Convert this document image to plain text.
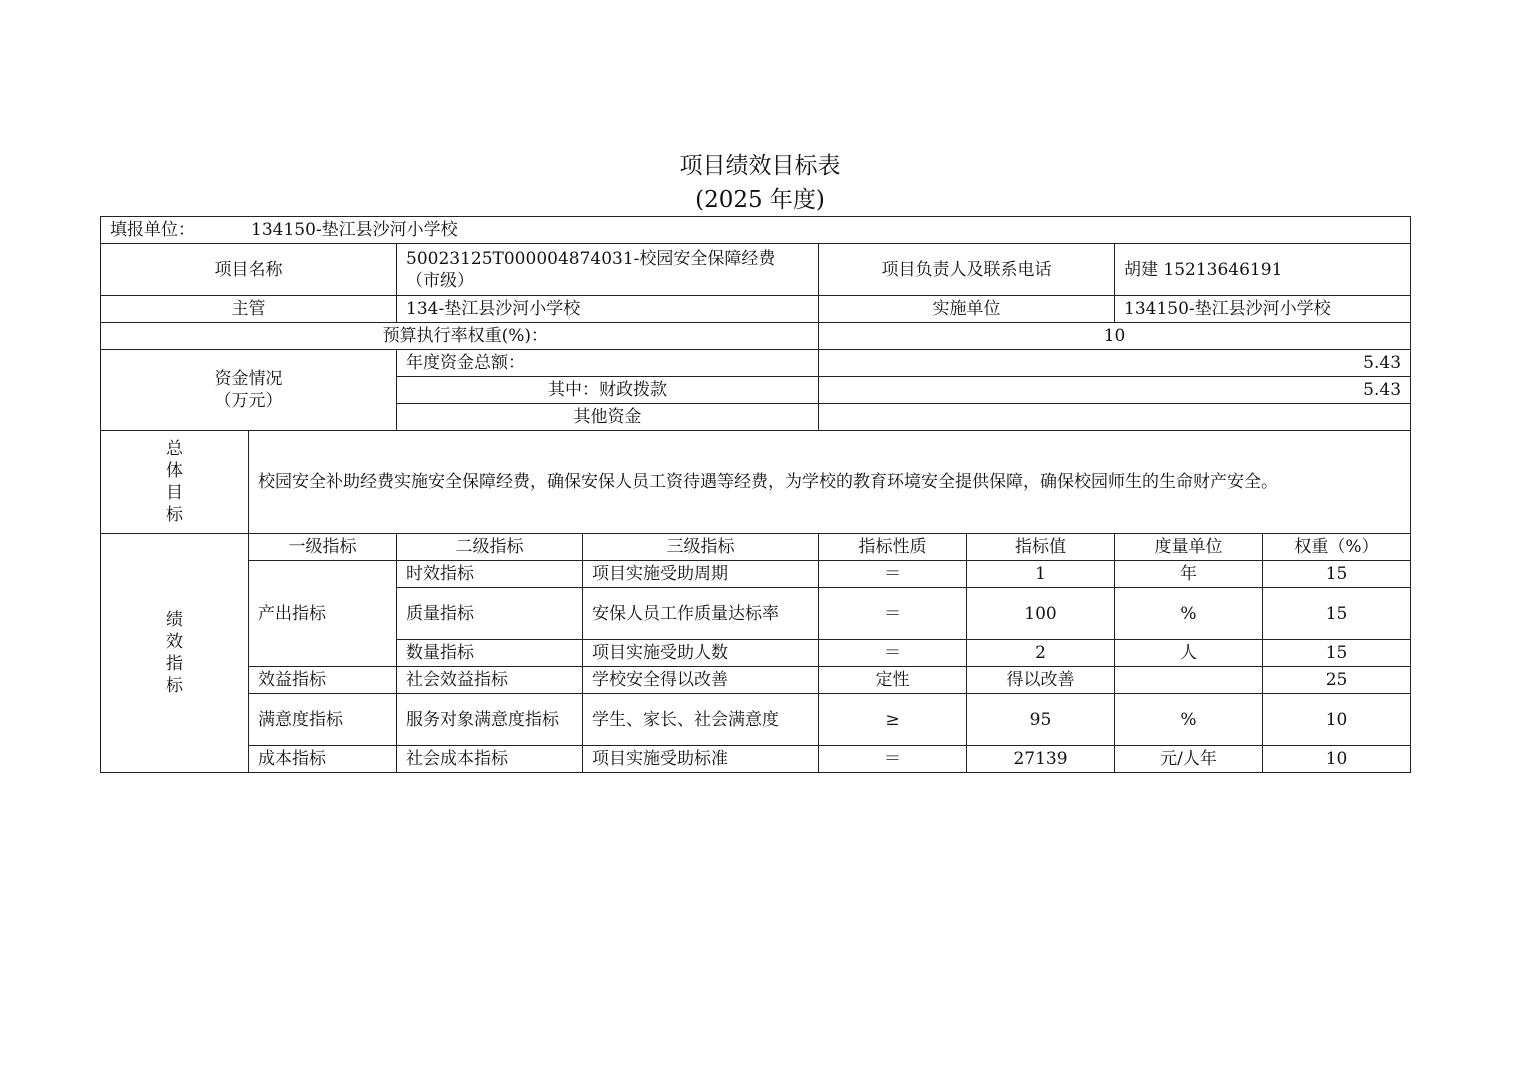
项目绩效目标表
(2025 年度)
填报单位： 134150-垫江县沙河小学校							
项目名称		50023125T000004874031-校园安全保障经费（市级）		项目负责人及联系电话		胡建 15213646191	
主管		134-垫江县沙河小学校		实施单位		134150-垫江县沙河小学校	
预算执行率权重(%)：				10			

资金情况
（万元）		年度资金总额：		5.43			
		其中：财政拨款		5.43			
		其他资金					

总
体
目
标	校园安全补助经费实施安全保障经费，确保安保人员工资待遇等经费，为学校的教育环境安全提供保障，确保校园师生的生命财产安全。						

绩
效
指
标	一级指标	二级指标	三级指标	指标性质	指标值	度量单位	权重（%）
	产出指标	时效指标	项目实施受助周期	＝	1	年	15
		质量指标	安保人员工作质量达标率	＝	100	%	15
		数量指标	项目实施受助人数	＝	2	人	15
	效益指标	社会效益指标	学校安全得以改善	定性	得以改善		25
	满意度指标	服务对象满意度指标	学生、家长、社会满意度	≥	95	%	10
	成本指标	社会成本指标	项目实施受助标准	＝	27139	元/人年	10
